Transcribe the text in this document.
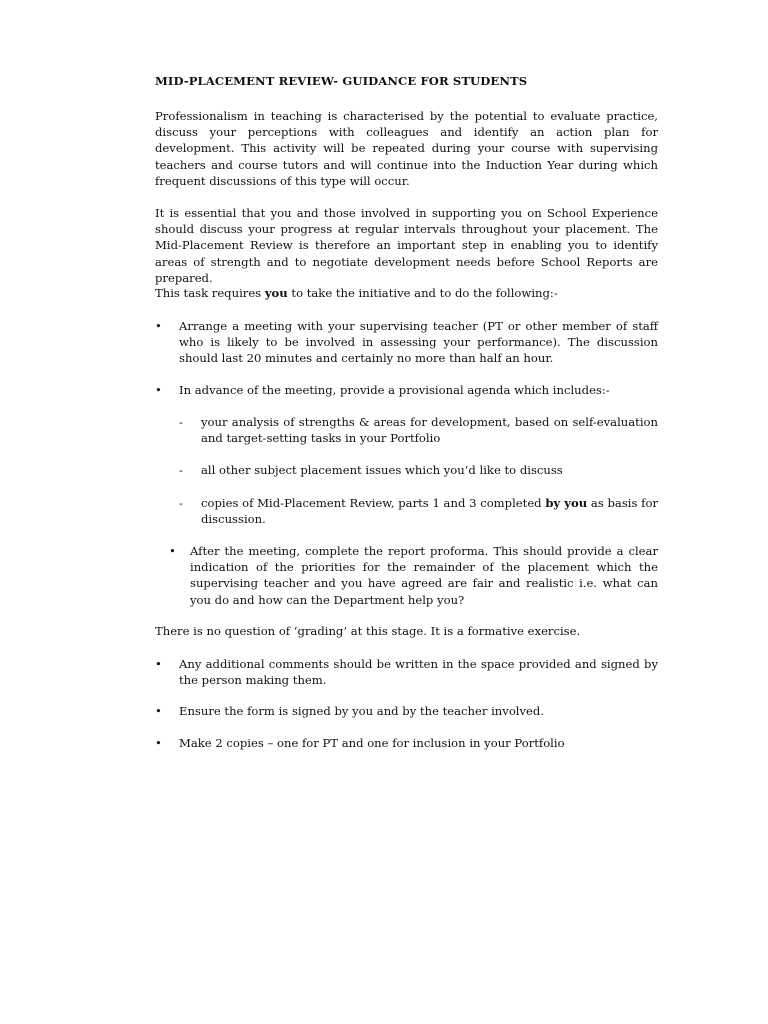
MID-PLACEMENT REVIEW- GUIDANCE FOR STUDENTS
Professionalism in teaching is characterised by the potential to evaluate practice, discuss your perceptions with colleagues and identify an action plan for development. This activity will be repeated during your course with supervising teachers and course tutors and will continue into the Induction Year during which frequent discussions of this type will occur.
It is essential that you and those involved in supporting you on School Experience should discuss your progress at regular intervals throughout your placement. The Mid-Placement Review is therefore an important step in enabling you to identify areas of strength and to negotiate development needs before School Reports are prepared.
This task requires you to take the initiative and to do the following:-
•	Arrange a meeting with your supervising teacher (PT or other member of staff who is likely to be involved in assessing your performance). The discussion should last 20 minutes and certainly no more than half an hour.
•	In advance of the meeting, provide a provisional agenda which includes:-
- your analysis of strengths & areas for development, based on self-evaluation and target-setting tasks in your Portfolio
- all other subject placement issues which you’d like to discuss
- copies of Mid-Placement Review, parts 1 and 3 completed by you as basis for discussion.
•	After the meeting, complete the report proforma. This should provide a clear indication of the priorities for the remainder of the placement which the supervising teacher and you have agreed are fair and realistic i.e. what can you do and how can the Department help you?
There is no question of ‘grading’ at this stage. It is a formative exercise.
•	Any additional comments should be written in the space provided and signed by the person making them.
•	Ensure the form is signed by you and by the teacher involved.
•	Make 2 copies – one for PT and one for inclusion in your Portfolio
